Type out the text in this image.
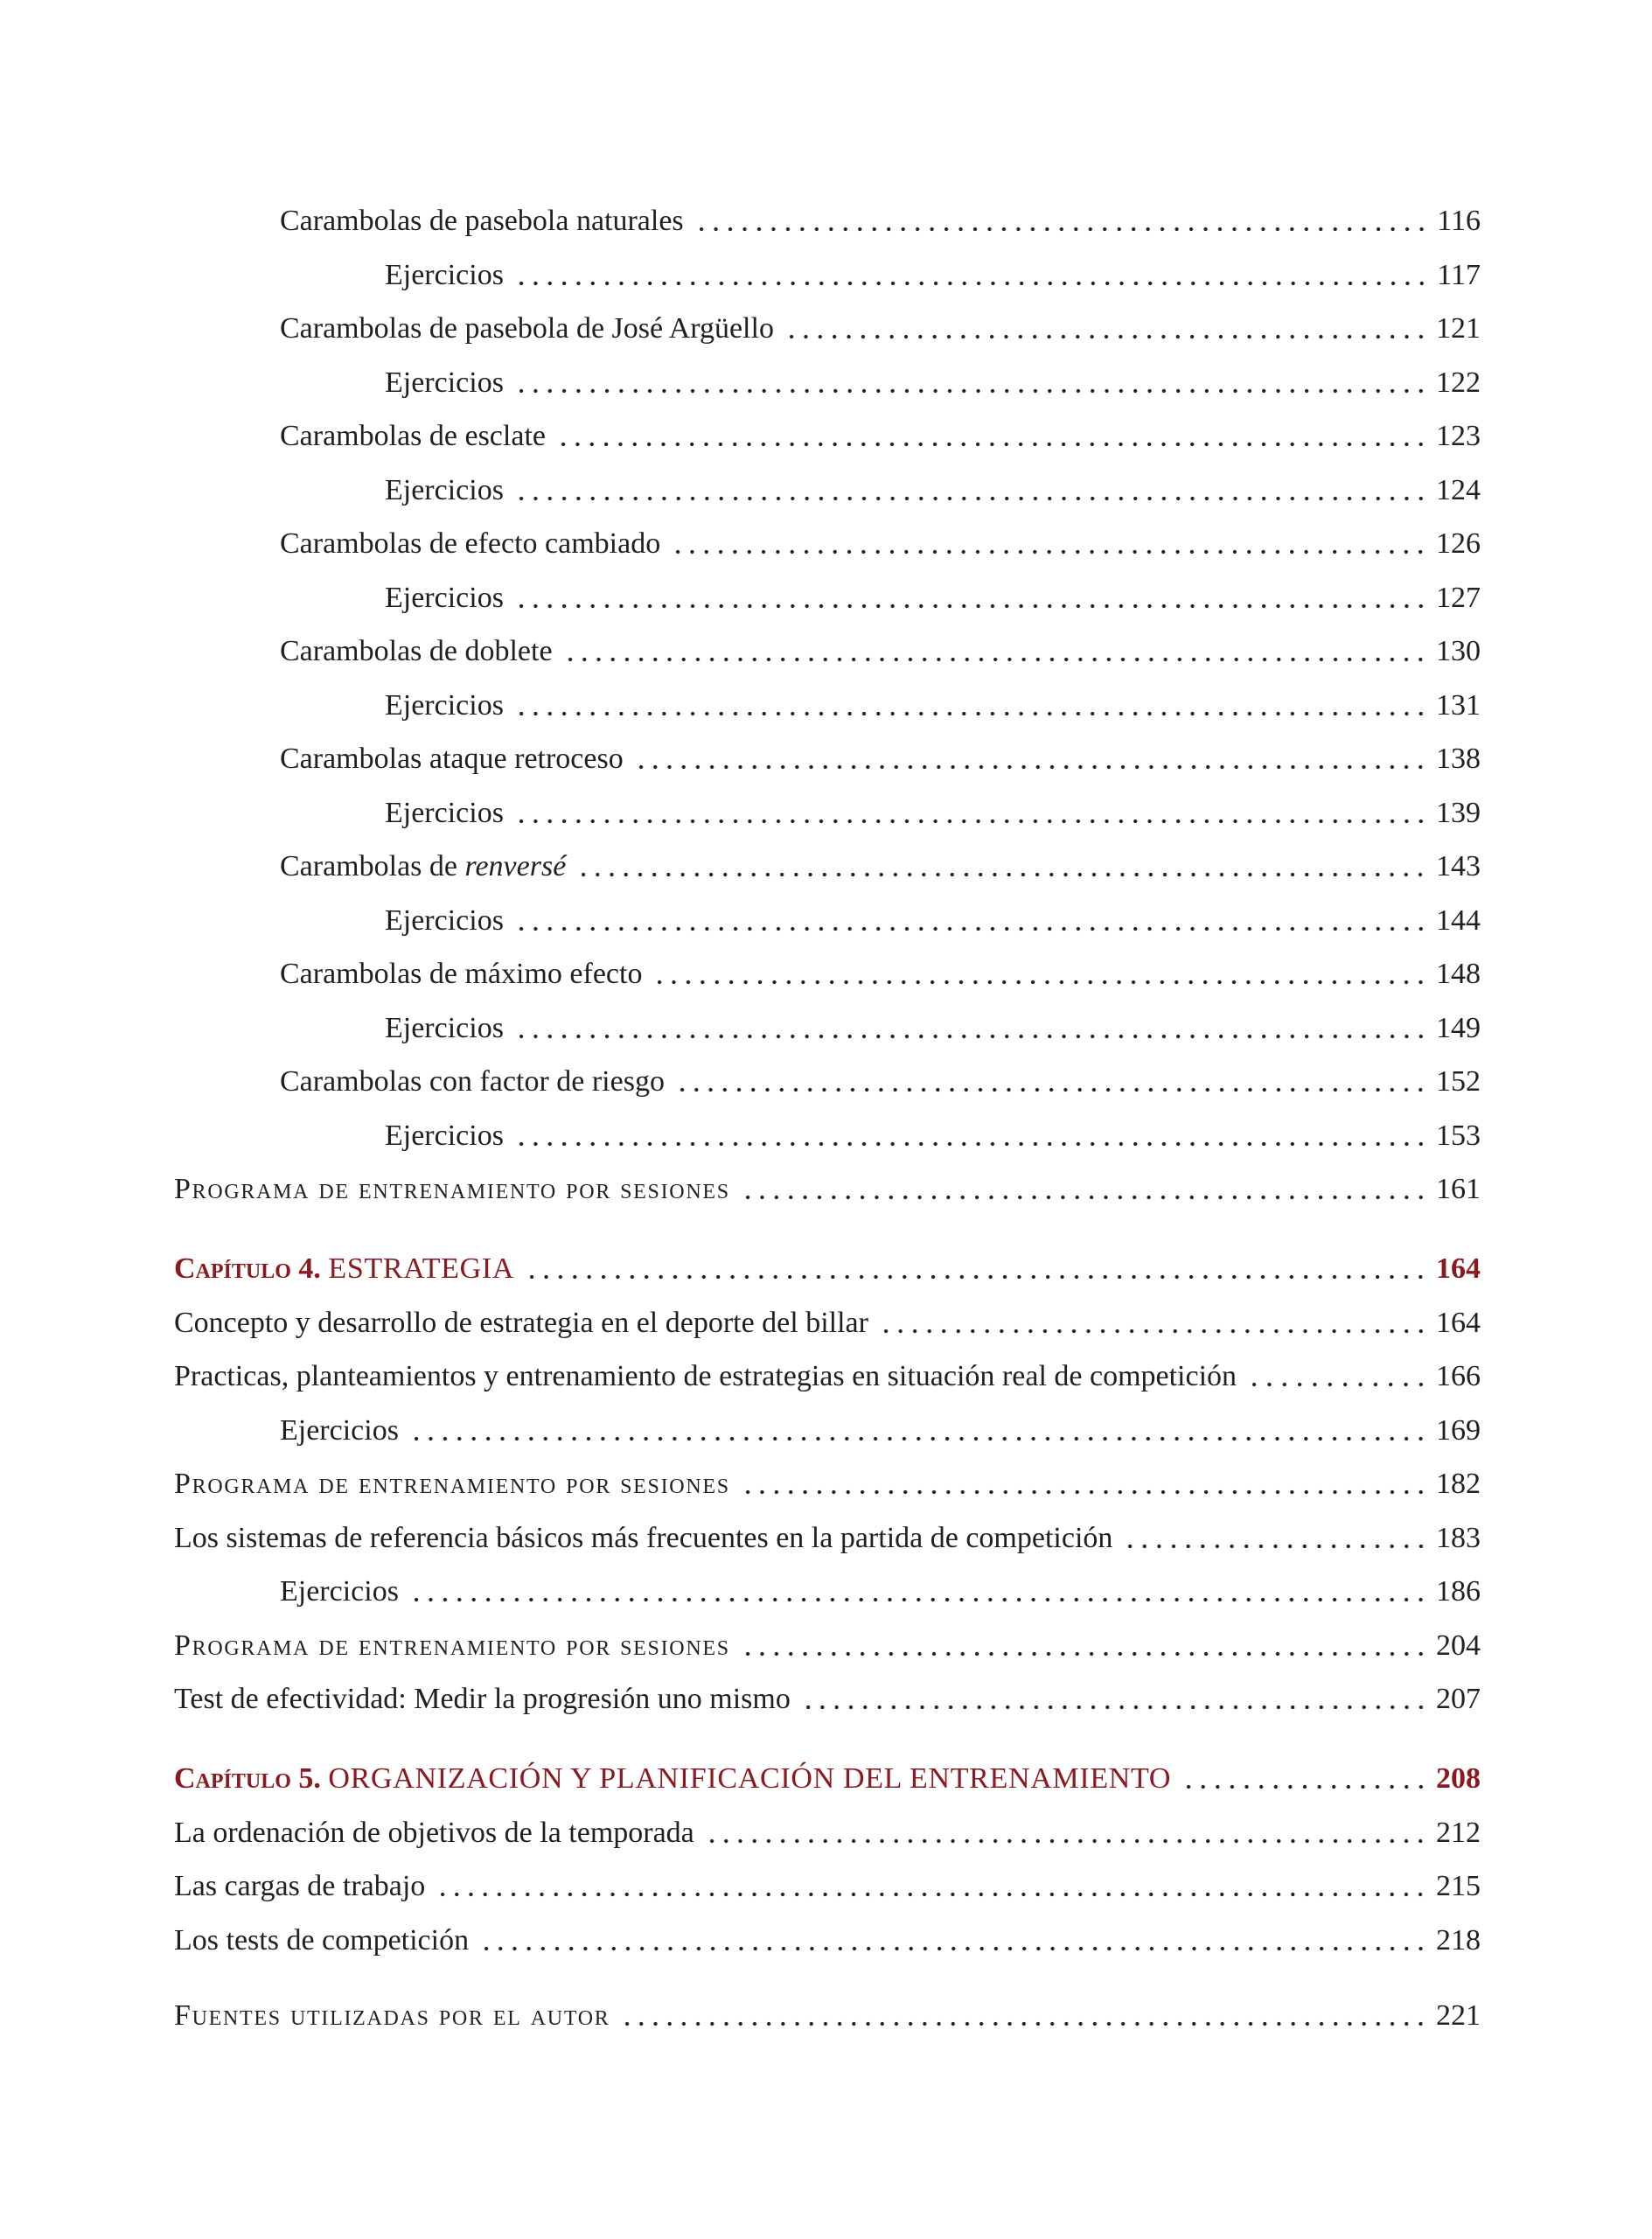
Carambolas de pasebola naturales	116
Ejercicios	117
Carambolas de pasebola de José Argüello	121
Ejercicios	122
Carambolas de esclate	123
Ejercicios	124
Carambolas de efecto cambiado	126
Ejercicios	127
Carambolas de doblete	130
Ejercicios	131
Carambolas ataque retroceso	138
Ejercicios	139
Carambolas de renversé	143
Ejercicios	144
Carambolas de máximo efecto	148
Ejercicios	149
Carambolas con factor de riesgo	152
Ejercicios	153
Programa de entrenamiento por sesiones	161
Capítulo 4. ESTRATEGIA	164
Concepto y desarrollo de estrategia en el deporte del billar	164
Practicas, planteamientos y entrenamiento de estrategias en situación real de competición	166
Ejercicios	169
Programa de entrenamiento por sesiones	182
Los sistemas de referencia básicos más frecuentes en la partida de competición	183
Ejercicios	186
Programa de entrenamiento por sesiones	204
Test de efectividad: Medir la progresión uno mismo	207
Capítulo 5. ORGANIZACIÓN Y PLANIFICACIÓN DEL ENTRENAMIENTO	208
La ordenación de objetivos de la temporada	212
Las cargas de trabajo	215
Los tests de competición	218
Fuentes utilizadas por el autor	221
